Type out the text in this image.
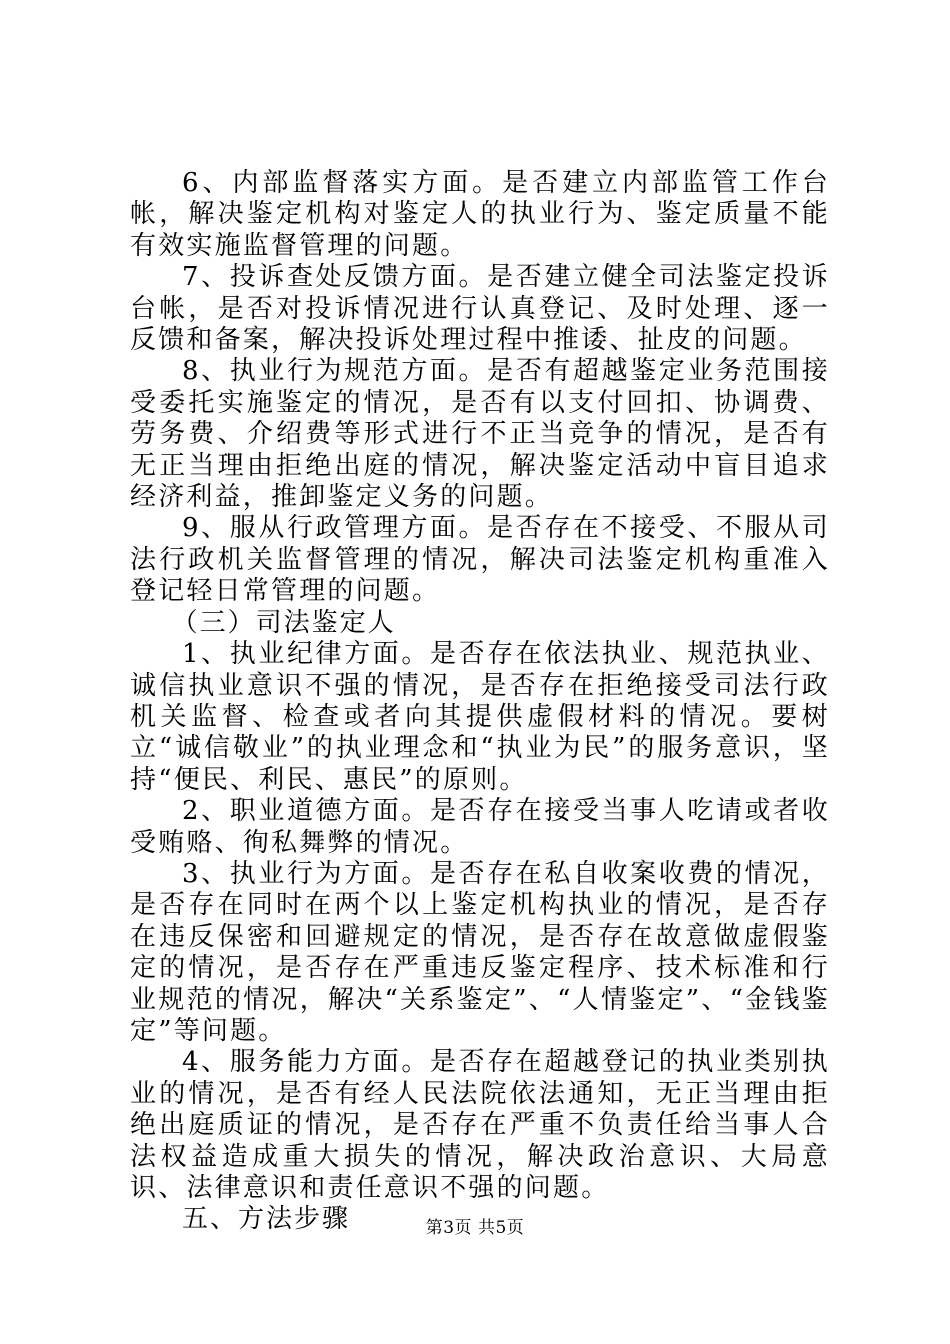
6、内部监督落实方面。是否建立内部监管工作台帐，解决鉴定机构对鉴定人的执业行为、鉴定质量不能有效实施监督管理的问题。

7、投诉查处反馈方面。是否建立健全司法鉴定投诉台帐，是否对投诉情况进行认真登记、及时处理、逐一反馈和备案，解决投诉处理过程中推诿、扯皮的问题。

8、执业行为规范方面。是否有超越鉴定业务范围接受委托实施鉴定的情况，是否有以支付回扣、协调费、劳务费、介绍费等形式进行不正当竞争的情况，是否有无正当理由拒绝出庭的情况，解决鉴定活动中盲目追求经济利益，推卸鉴定义务的问题。

9、服从行政管理方面。是否存在不接受、不服从司法行政机关监督管理的情况，解决司法鉴定机构重准入登记轻日常管理的问题。

（三）司法鉴定人

1、执业纪律方面。是否存在依法执业、规范执业、诚信执业意识不强的情况，是否存在拒绝接受司法行政机关监督、检查或者向其提供虚假材料的情况。要树立“诚信敬业”的执业理念和“执业为民”的服务意识，坚持“便民、利民、惠民”的原则。

2、职业道德方面。是否存在接受当事人吃请或者收受贿赂、徇私舞弊的情况。

3、执业行为方面。是否存在私自收案收费的情况，是否存在同时在两个以上鉴定机构执业的情况，是否存在违反保密和回避规定的情况，是否存在故意做虚假鉴定的情况，是否存在严重违反鉴定程序、技术标准和行业规范的情况，解决“关系鉴定”、“人情鉴定”、“金钱鉴定”等问题。

4、服务能力方面。是否存在超越登记的执业类别执业的情况，是否有经人民法院依法通知，无正当理由拒绝出庭质证的情况，是否存在严重不负责任给当事人合法权益造成重大损失的情况，解决政治意识、大局意识、法律意识和责任意识不强的问题。

五、方法步骤	第3页 共5页
